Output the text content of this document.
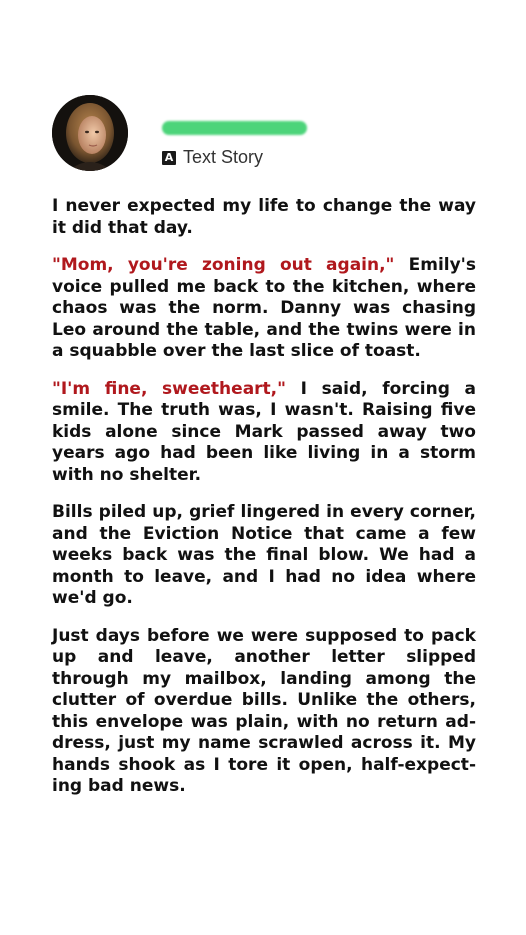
A Text Story

I never expected my life to change the way it did that day.

"Mom, you're zoning out again," Emily's voice pulled me back to the kitchen, where chaos was the norm. Danny was chasing Leo around the table, and the twins were in a squabble over the last slice of toast.

"I'm fine, sweetheart," I said, forcing a smile. The truth was, I wasn't. Raising five kids alone since Mark passed away two years ago had been like living in a storm with no shelter.

Bills piled up, grief lingered in every corner, and the Eviction Notice that came a few weeks back was the final blow. We had a month to leave, and I had no idea where we'd go.

Just days before we were supposed to pack up and leave, another letter slipped through my mailbox, landing among the clutter of overdue bills. Unlike the others, this envelope was plain, with no return address, just my name scrawled across it. My hands shook as I tore it open, half-expecting bad news.
